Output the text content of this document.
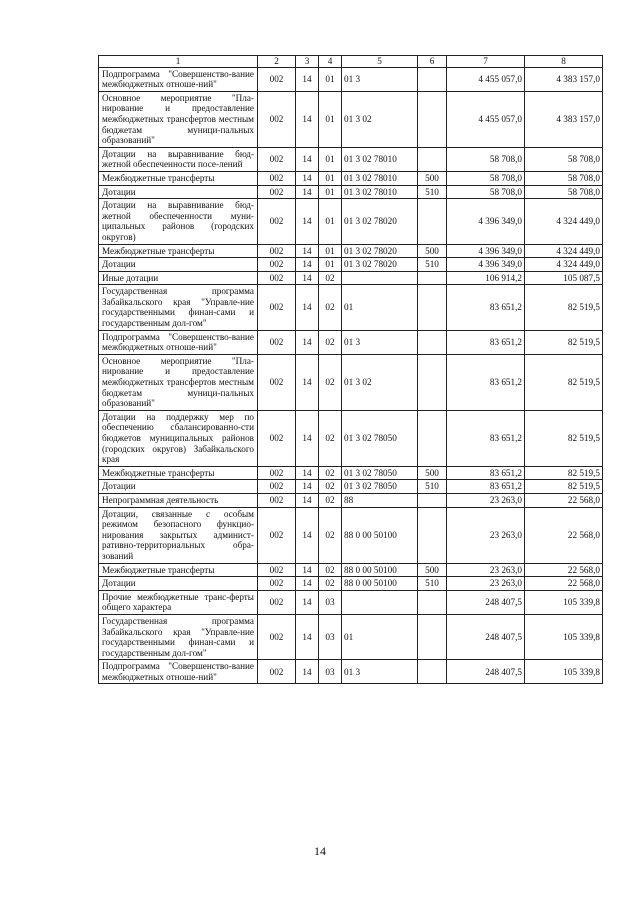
1	2	3	4	5	6	7	8
Подпрограмма "Совершенство-вание межбюджетных отноше-ний"	002	14	01	01 3		4 455 057,0	4 383 157,0
Основное мероприятие "Пла-нирование и предоставление межбюджетных трансфертов местным бюджетам муници-пальных образований"	002	14	01	01 3 02		4 455 057,0	4 383 157,0
Дотации на выравнивание бюд-жетной обеспеченности посе-лений	002	14	01	01 3 02 78010		58 708,0	58 708,0
Межбюджетные трансферты	002	14	01	01 3 02 78010	500	58 708,0	58 708,0
Дотации	002	14	01	01 3 02 78010	510	58 708,0	58 708,0
Дотации на выравнивание бюд-жетной обеспеченности муни-ципальных районов (городских округов)	002	14	01	01 3 02 78020		4 396 349,0	4 324 449,0
Межбюджетные трансферты	002	14	01	01 3 02 78020	500	4 396 349,0	4 324 449,0
Дотации	002	14	01	01 3 02 78020	510	4 396 349,0	4 324 449,0
Иные дотации	002	14	02			106 914,2	105 087,5
Государственная программа Забайкальского края "Управле-ние государственными финан-сами и государственным дол-гом"	002	14	02	01		83 651,2	82 519,5
Подпрограмма "Совершенство-вание межбюджетных отноше-ний"	002	14	02	01 3		83 651,2	82 519,5
Основное мероприятие "Пла-нирование и предоставление межбюджетных трансфертов местным бюджетам муници-пальных образований"	002	14	02	01 3 02		83 651,2	82 519,5
Дотации на поддержку мер по обеспечению сбалансированно-сти бюджетов муниципальных районов (городских округов) Забайкальского края	002	14	02	01 3 02 78050		83 651,2	82 519,5
Межбюджетные трансферты	002	14	02	01 3 02 78050	500	83 651,2	82 519,5
Дотации	002	14	02	01 3 02 78050	510	83 651,2	82 519,5
Непрограммная деятельность	002	14	02	88		23 263,0	22 568,0
Дотации, связанные с особым режимом безопасного функцио-нирования закрытых админист-ративно-территориальных обра-зований	002	14	02	88 0 00 50100		23 263,0	22 568,0
Межбюджетные трансферты	002	14	02	88 0 00 50100	500	23 263,0	22 568,0
Дотации	002	14	02	88 0 00 50100	510	23 263,0	22 568,0
Прочие межбюджетные транс-ферты общего характера	002	14	03			248 407,5	105 339,8
Государственная программа Забайкальского края "Управле-ние государственными финан-сами и государственным дол-гом"	002	14	03	01		248 407,5	105 339,8
Подпрограмма "Совершенство-вание межбюджетных отноше-ний"	002	14	03	01 3		248 407,5	105 339,8
14
